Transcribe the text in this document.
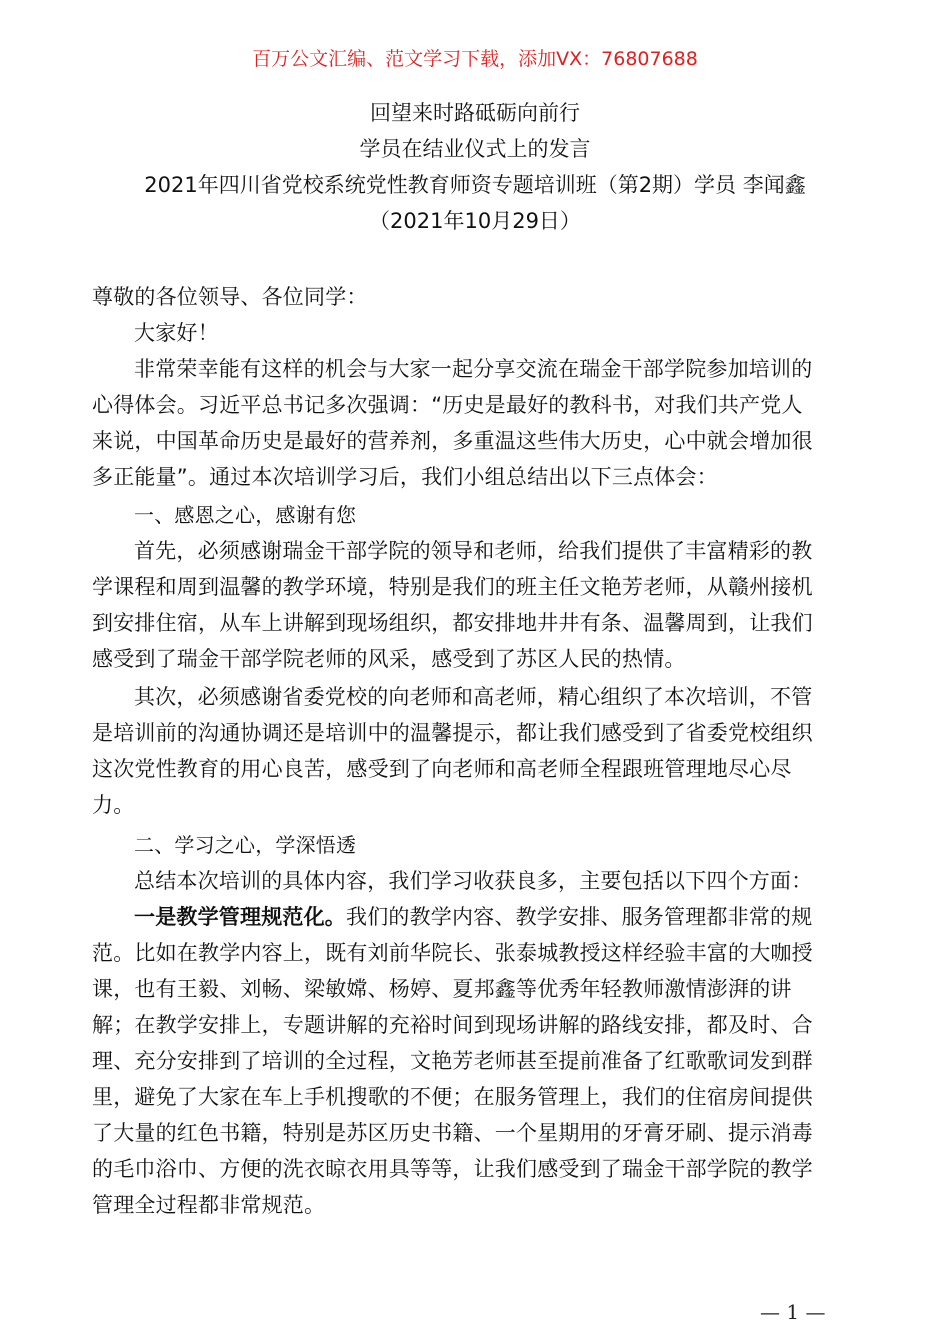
百万公文汇编、范文学习下载，添加VX：76807688
回望来时路砥砺向前行
学员在结业仪式上的发言
2021年四川省党校系统党性教育师资专题培训班（第2期）学员 李闻鑫
（2021年10月29日）
尊敬的各位领导、各位同学：
大家好！
非常荣幸能有这样的机会与大家一起分享交流在瑞金干部学院参加培训的
心得体会。习近平总书记多次强调：“历史是最好的教科书，对我们共产党人
来说，中国革命历史是最好的营养剂，多重温这些伟大历史，心中就会增加很
多正能量”。通过本次培训学习后，我们小组总结出以下三点体会：
一、感恩之心，感谢有您
首先，必须感谢瑞金干部学院的领导和老师，给我们提供了丰富精彩的教
学课程和周到温馨的教学环境，特别是我们的班主任文艳芳老师，从赣州接机
到安排住宿，从车上讲解到现场组织，都安排地井井有条、温馨周到，让我们
感受到了瑞金干部学院老师的风采，感受到了苏区人民的热情。
其次，必须感谢省委党校的向老师和高老师，精心组织了本次培训，不管
是培训前的沟通协调还是培训中的温馨提示，都让我们感受到了省委党校组织
这次党性教育的用心良苦，感受到了向老师和高老师全程跟班管理地尽心尽
力。
二、学习之心，学深悟透
总结本次培训的具体内容，我们学习收获良多，主要包括以下四个方面：
一是教学管理规范化。我们的教学内容、教学安排、服务管理都非常的规
范。比如在教学内容上，既有刘前华院长、张泰城教授这样经验丰富的大咖授
课，也有王毅、刘畅、梁敏嫦、杨婷、夏邦鑫等优秀年轻教师激情澎湃的讲
解；在教学安排上，专题讲解的充裕时间到现场讲解的路线安排，都及时、合
理、充分安排到了培训的全过程，文艳芳老师甚至提前准备了红歌歌词发到群
里，避免了大家在车上手机搜歌的不便；在服务管理上，我们的住宿房间提供
了大量的红色书籍，特别是苏区历史书籍、一个星期用的牙膏牙刷、提示消毒
的毛巾浴巾、方便的洗衣晾衣用具等等，让我们感受到了瑞金干部学院的教学
管理全过程都非常规范。
— 1 —
